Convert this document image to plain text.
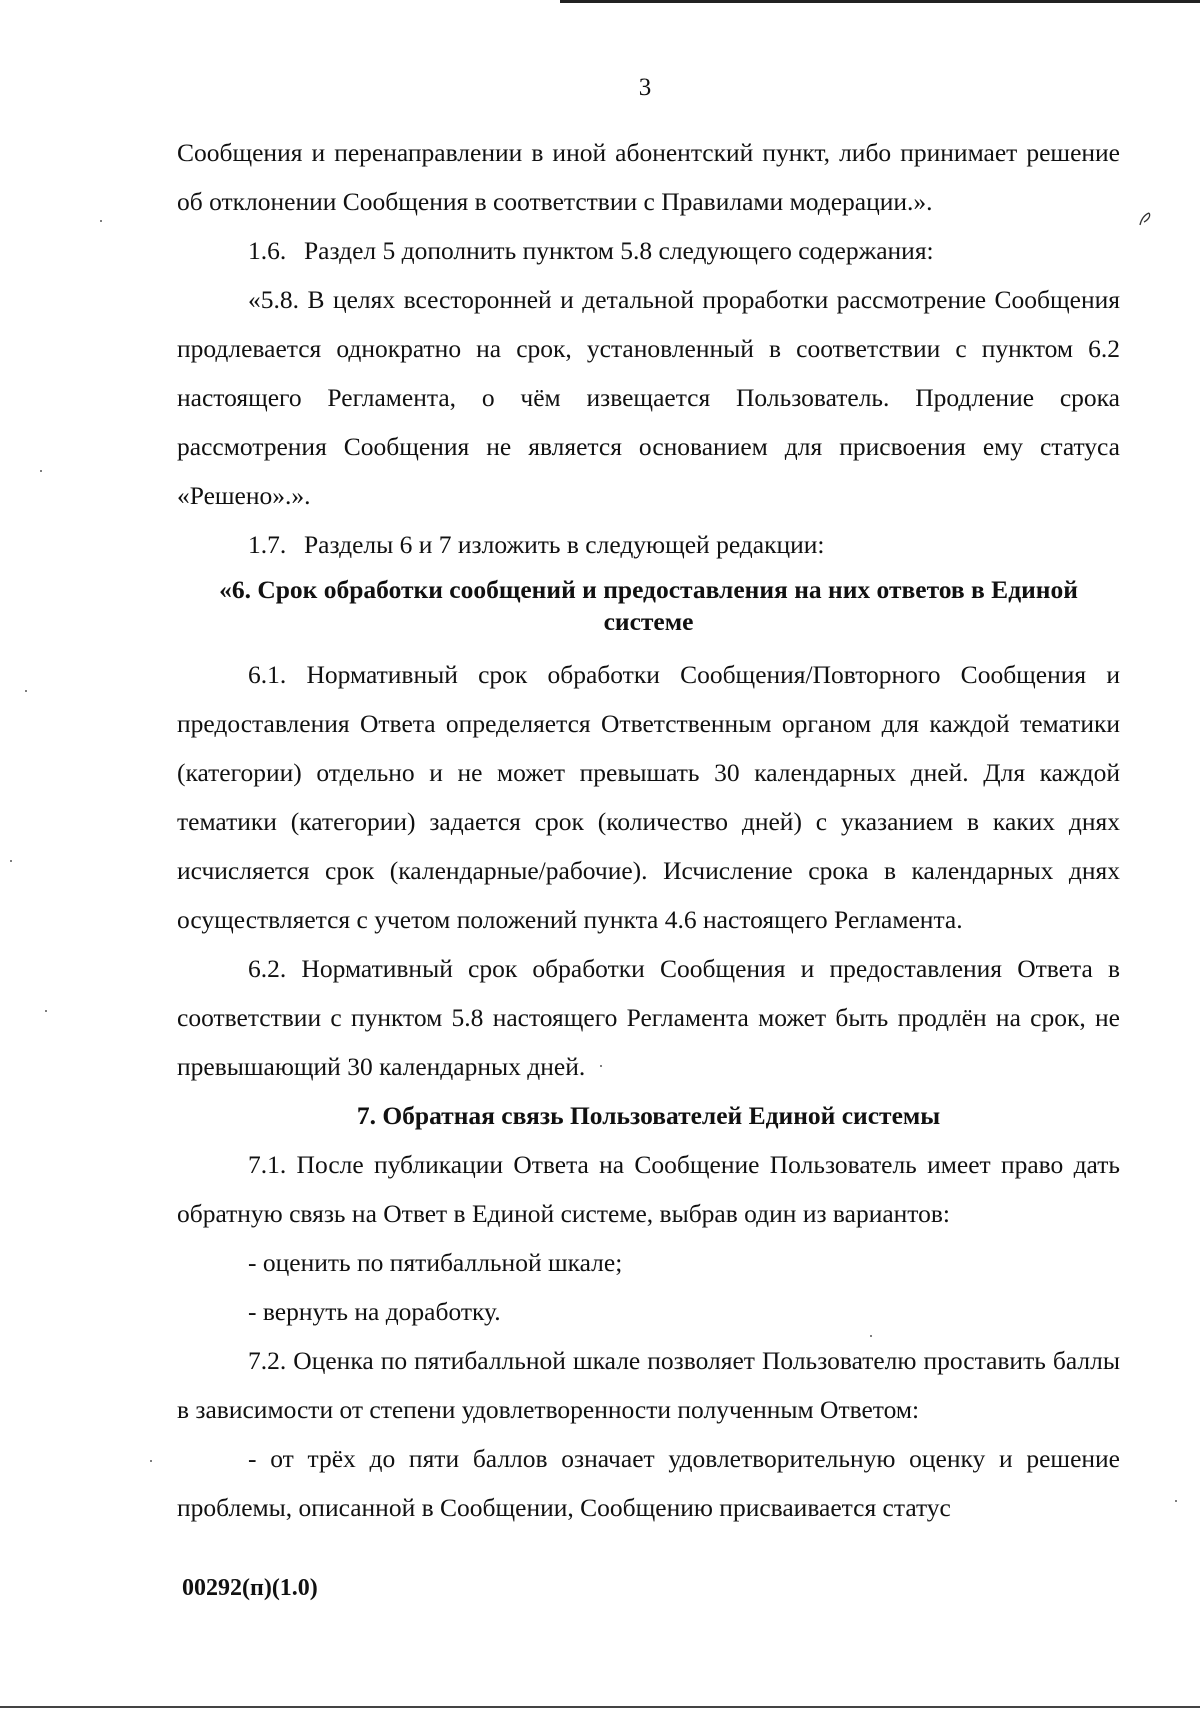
3

Сообщения и перенаправлении в иной абонентский пункт, либо принимает решение об отклонении Сообщения в соответствии с Правилами модерации.».

1.6. Раздел 5 дополнить пунктом 5.8 следующего содержания:

«5.8. В целях всесторонней и детальной проработки рассмотрение Сообщения продлевается однократно на срок, установленный в соответствии с пунктом 6.2 настоящего Регламента, о чём извещается Пользователь. Продление срока рассмотрения Сообщения не является основанием для присвоения ему статуса «Решено».».

1.7. Разделы 6 и 7 изложить в следующей редакции:

«6. Срок обработки сообщений и предоставления на них ответов в Единой системе

6.1. Нормативный срок обработки Сообщения/Повторного Сообщения и предоставления Ответа определяется Ответственным органом для каждой тематики (категории) отдельно и не может превышать 30 календарных дней. Для каждой тематики (категории) задается срок (количество дней) с указанием в каких днях исчисляется срок (календарные/рабочие). Исчисление срока в календарных днях осуществляется с учетом положений пункта 4.6 настоящего Регламента.

6.2. Нормативный срок обработки Сообщения и предоставления Ответа в соответствии с пунктом 5.8 настоящего Регламента может быть продлён на срок, не превышающий 30 календарных дней.

7. Обратная связь Пользователей Единой системы

7.1. После публикации Ответа на Сообщение Пользователь имеет право дать обратную связь на Ответ в Единой системе, выбрав один из вариантов:

- оценить по пятибалльной шкале;

- вернуть на доработку.

7.2. Оценка по пятибалльной шкале позволяет Пользователю проставить баллы в зависимости от степени удовлетворенности полученным Ответом:

- от трёх до пяти баллов означает удовлетворительную оценку и решение проблемы, описанной в Сообщении, Сообщению присваивается статус

00292(п)(1.0)
